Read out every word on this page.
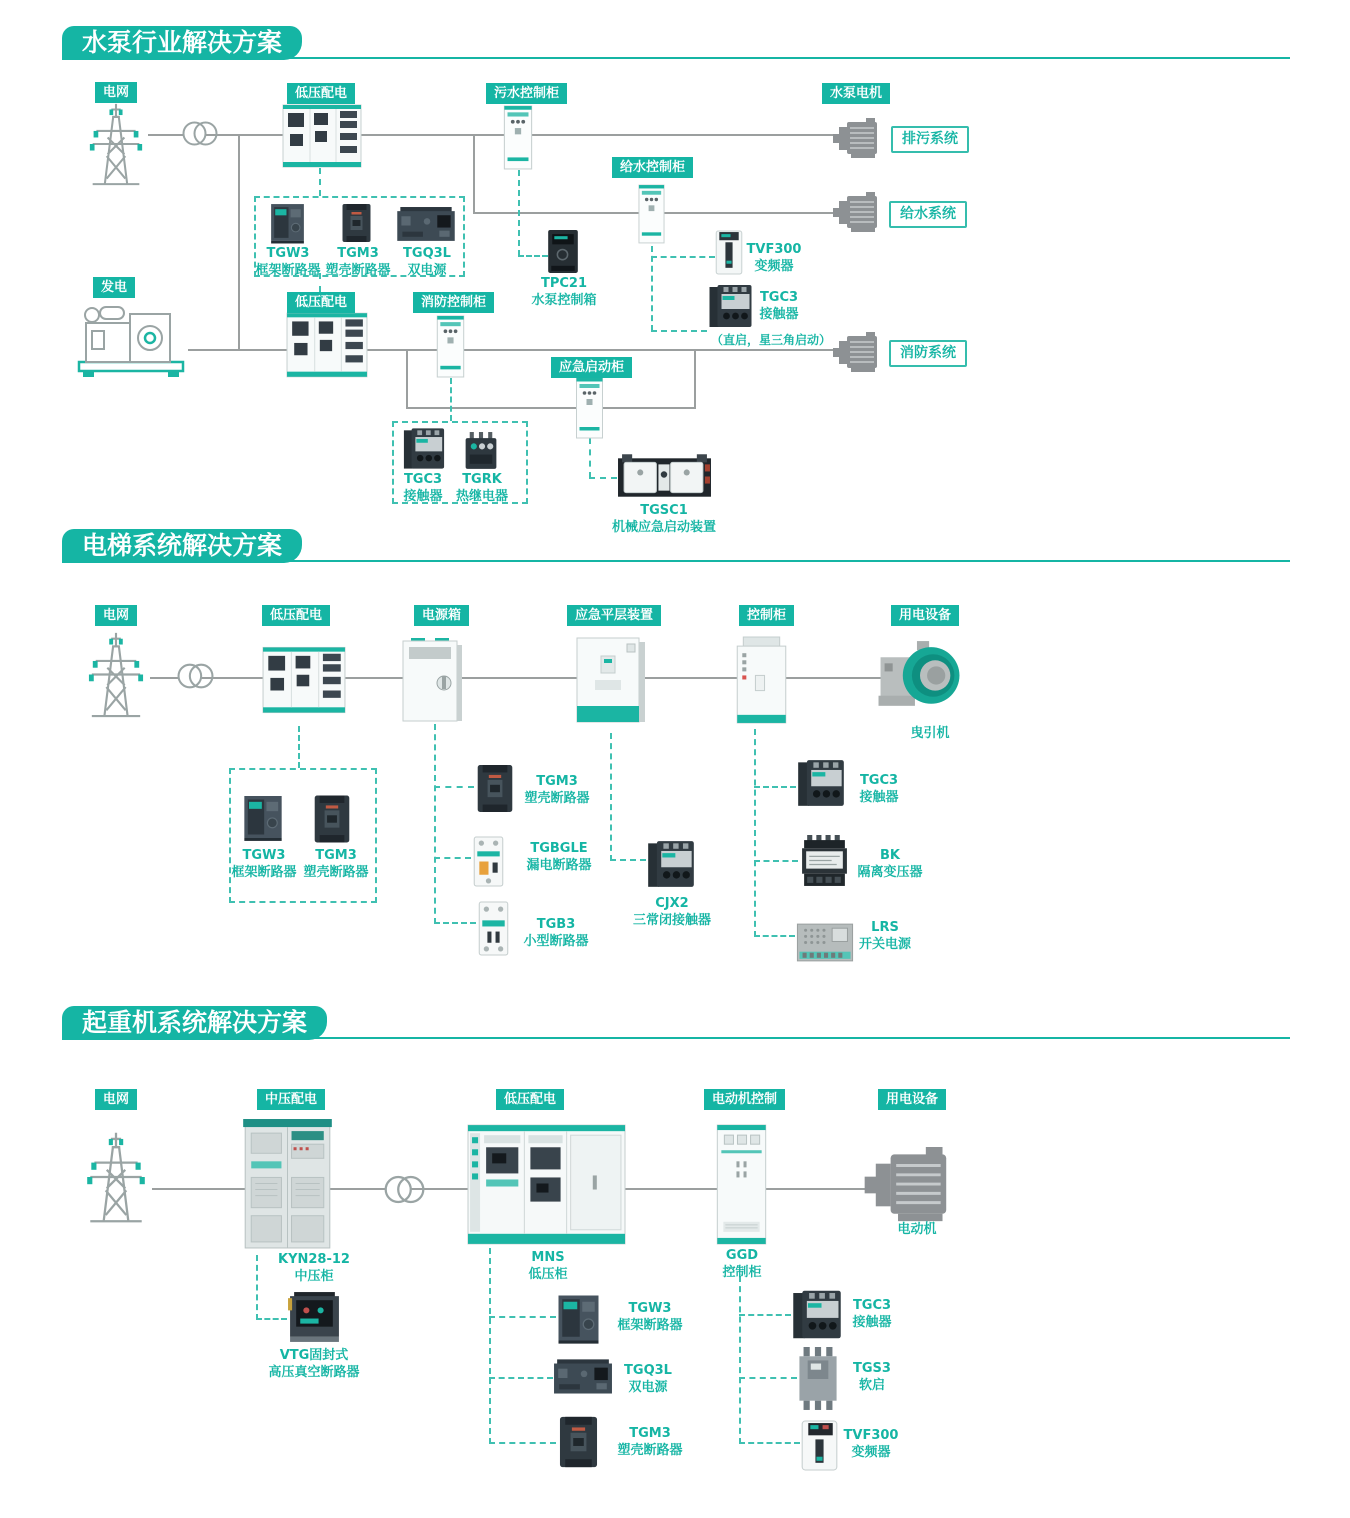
水泵行业解决方案
电网	低压配电	污水控制柜	水泵电机
给水控制柜
发电
低压配电	消防控制柜
应急启动柜
排污系统
给水系统
消防系统
TGW3
框架断路器
TGM3
塑壳断路器
TGQ3L
双电源
TPC21
水泵控制箱
TVF300
变频器
TGC3
接触器
（直启，星三角启动）
TGC3
接触器
TGRK
热继电器
TGSC1
机械应急启动装置
电梯系统解决方案
电网	低压配电	电源箱	应急平层装置	控制柜	用电设备
曳引机
TGW3
框架断路器
TGM3
塑壳断路器
TGM3
塑壳断路器
TGBGLE
漏电断路器
TGB3
小型断路器
CJX2
三常闭接触器
TGC3
接触器
BK
隔离变压器
LRS
开关电源
起重机系统解决方案
电网	中压配电	低压配电	电动机控制	用电设备
KYN28-12
中压柜
MNS
低压柜
GGD
控制柜
电动机
VTG固封式
高压真空断路器
TGW3
框架断路器
TGQ3L
双电源
TGM3
塑壳断路器
TGC3
接触器
TGS3
软启
TVF300
变频器
